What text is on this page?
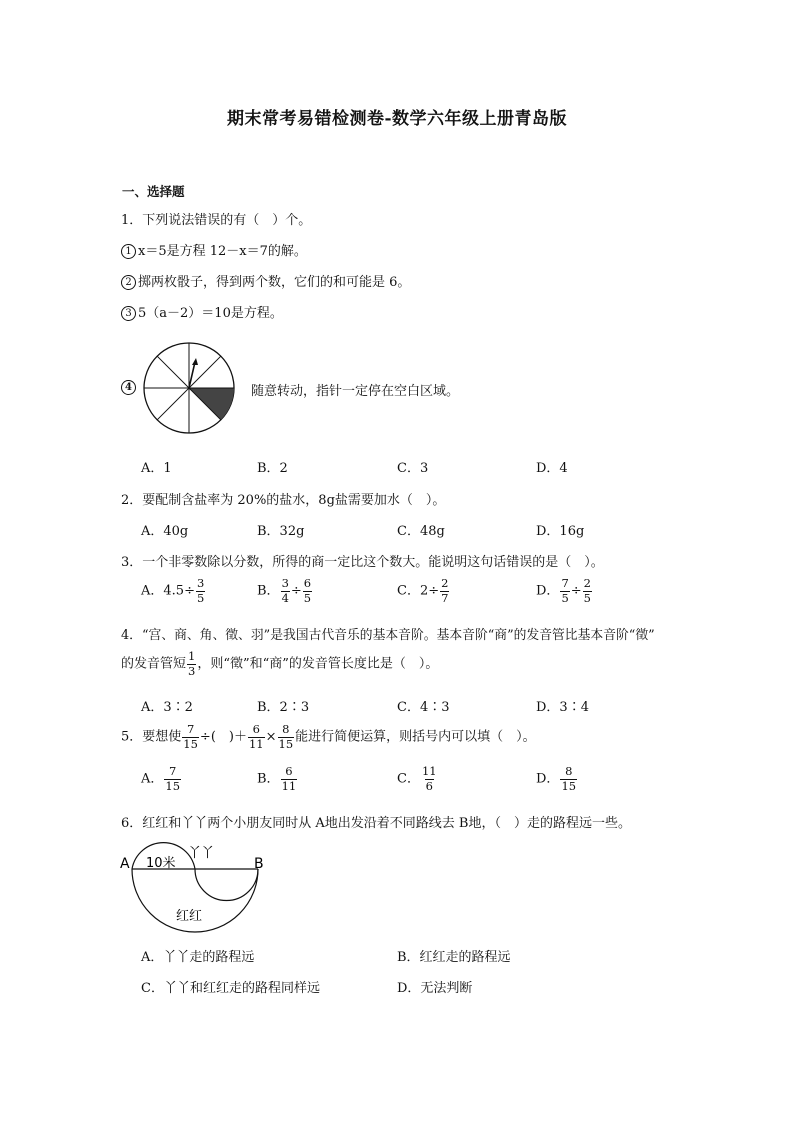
期末常考易错检测卷-数学六年级上册青岛版
一、选择题
1．下列说法错误的有（　）个。
1 x＝5是方程 12－x＝7的解。
2 掷两枚骰子，得到两个数，它们的和可能是 6。
3 5（a－2）＝10是方程。
4	随意转动，指针一定停在空白区域。
A．1	B．2	C．3	D．4
2．要配制含盐率为 20%的盐水，8g盐需要加水（　）。
A．40g	B．32g	C．48g	D．16g
3．一个非零数除以分数，所得的商一定比这个数大。能说明这句话错误的是（　）。
A．$4.5\div \frac{3}{5}$	B． $\frac{3}{4} \div \frac{6}{5}$	C．$2\div \frac{2}{7}$	D． $\frac{7}{5} \div \frac{2}{5}$
4．“宫、商、角、徵、羽”是我国古代音乐的基本音阶。基本音阶“商”的发音管比基本音阶“徵”
的发音管短 $\frac{1}{3}$ ，则“徵”和“商”的发音管长度比是（　）。
A．3∶2	B．2∶3	C．4∶3	D．3∶4
5．要想使 $\frac{7}{15}$ ÷(　)＋ $\frac{6}{11} \times \frac{8}{15}$ 能进行简便运算，则括号内可以填（　）。
A． $\frac{7}{15}$	B． $\frac{6}{11}$	C． $\frac{11}{6}$	D． $\frac{8}{15}$
6．红红和丫丫两个小朋友同时从 A地出发沿着不同路线去 B地，（　）走的路程远一些。
A	B
10米
丫丫
红红
A．丫丫走的路程远	B．红红走的路程远
C．丫丫和红红走的路程同样远	D．无法判断
